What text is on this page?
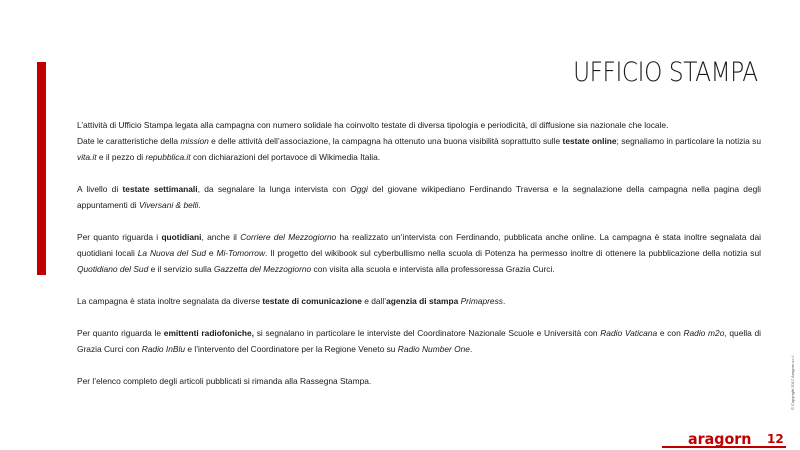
UFFICIO STAMPA

L’attività di Ufficio Stampa legata alla campagna con numero solidale ha coinvolto testate di diversa tipologia e periodicità, di diffusione sia nazionale che locale.

Date le caratteristiche della mission e delle attività dell’associazione, la campagna ha ottenuto una buona visibilità soprattutto sulle testate online; segnaliamo in particolare la notizia su vita.it e il pezzo di repubblica.it con dichiarazioni del portavoce di Wikimedia Italia.

A livello di testate settimanali, da segnalare la lunga intervista con Oggi del giovane wikipediano Ferdinando Traversa e la segnalazione della campagna nella pagina degli appuntamenti di Viversani & belli.

Per quanto riguarda i quotidiani, anche il Corriere del Mezzogiorno ha realizzato un’intervista con Ferdinando, pubblicata anche online. La campagna è stata inoltre segnalata dai quotidiani locali La Nuova del Sud e Mi-Tomorrow. Il progetto del wikibook sul cyberbullismo nella scuola di Potenza ha permesso inoltre di ottenere la pubblicazione della notizia sul Quotidiano del Sud e il servizio sulla Gazzetta del Mezzogiorno con visita alla scuola e intervista alla professoressa Grazia Curci.

La campagna è stata inoltre segnalata da diverse testate di comunicazione e dall’agenzia di stampa Primapress.

Per quanto riguarda le emittenti radiofoniche, si segnalano in particolare le interviste del Coordinatore Nazionale Scuole e Università con Radio Vaticana e con Radio m2o, quella di Grazia Curci con Radio InBlu e l’intervento del Coordinatore per la Regione Veneto su Radio Number One.

Per l’elenco completo degli articoli pubblicati si rimanda alla Rassegna Stampa.

aragorn 12
© Copyright 2017 Aragorn s.r.l.
